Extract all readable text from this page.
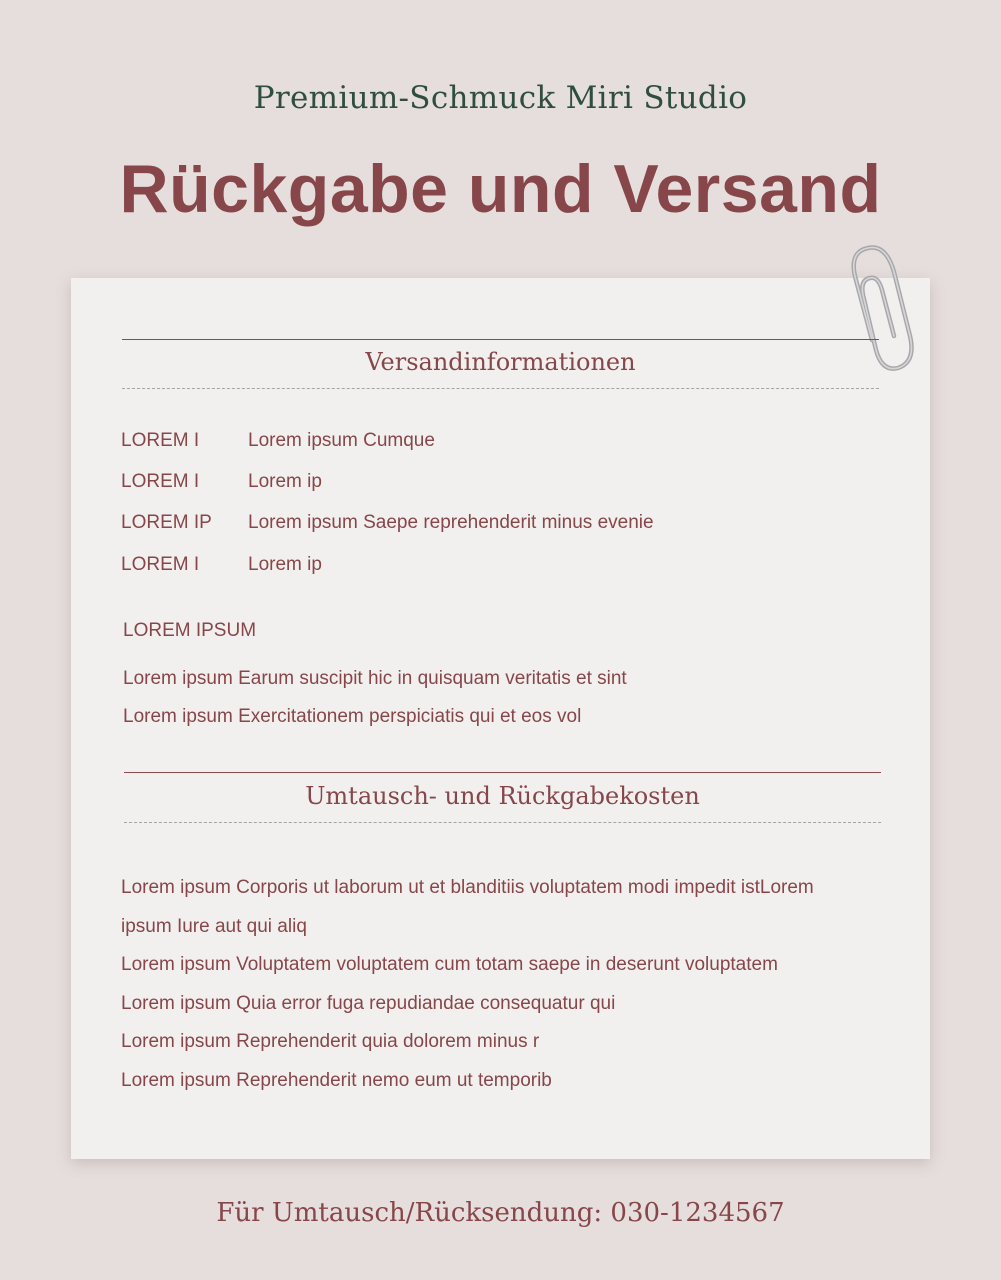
Premium-Schmuck Miri Studio
Rückgabe und Versand
Versandinformationen
LOREM I	Lorem ipsum Cumque
LOREM I	Lorem ip
LOREM IP Lorem ipsum Saepe reprehenderit minus evenie
LOREM I	Lorem ip
LOREM IPSUM
Lorem ipsum Earum suscipit hic in quisquam veritatis et sint
Lorem ipsum Exercitationem perspiciatis qui et eos vol
Umtausch- und Rückgabekosten
Lorem ipsum Corporis ut laborum ut et blanditiis voluptatem modi impedit istLorem
ipsum Iure aut qui aliq
Lorem ipsum Voluptatem voluptatem cum totam saepe in deserunt voluptatem
Lorem ipsum Quia error fuga repudiandae consequatur qui
Lorem ipsum Reprehenderit quia dolorem minus r
Lorem ipsum Reprehenderit nemo eum ut temporib
Für Umtausch/Rücksendung: 030-1234567
